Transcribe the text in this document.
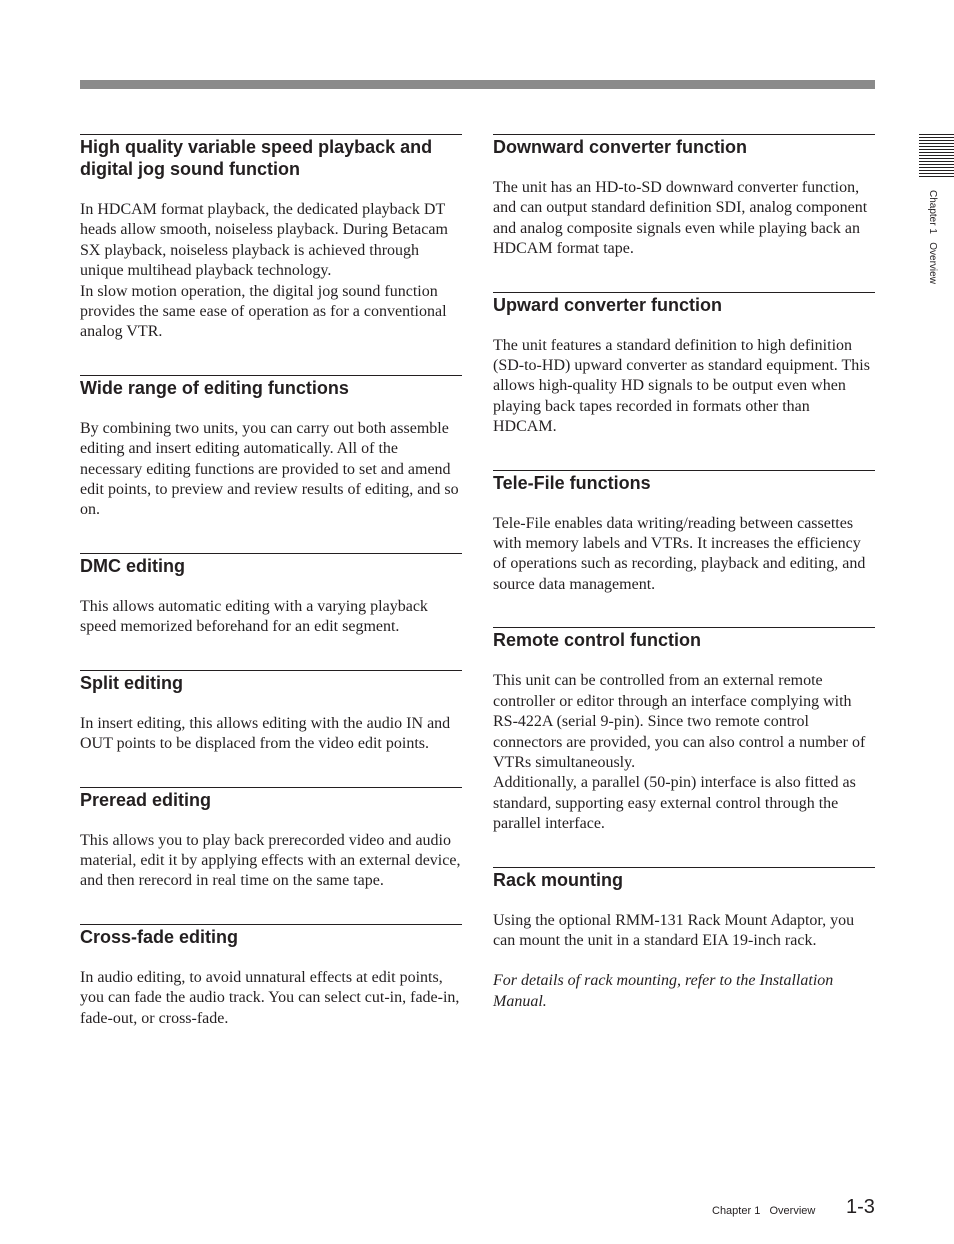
Chapter 1   Overview
High quality variable speed playback and digital jog sound function

In HDCAM format playback, the dedicated playback DT heads allow smooth, noiseless playback. During Betacam SX playback, noiseless playback is achieved through unique multihead playback technology.

In slow motion operation, the digital jog sound function provides the same ease of operation as for a conventional analog VTR.

Wide range of editing functions

By combining two units, you can carry out both assemble editing and insert editing automatically. All of the necessary editing functions are provided to set and amend edit points, to preview and review results of editing, and so on.

DMC editing

This allows automatic editing with a varying playback speed memorized beforehand for an edit segment.

Split editing

In insert editing, this allows editing with the audio IN and OUT points to be displaced from the video edit points.

Preread editing

This allows you to play back prerecorded video and audio material, edit it by applying effects with an external device, and then rerecord in real time on the same tape.

Cross-fade editing

In audio editing, to avoid unnatural effects at edit points, you can fade the audio track. You can select cut-in, fade-in, fade-out, or cross-fade.

Downward converter function

The unit has an HD-to-SD downward converter function, and can output standard definition SDI, analog component and analog composite signals even while playing back an HDCAM format tape.

Upward converter function

The unit features a standard definition to high definition (SD-to-HD) upward converter as standard equipment. This allows high-quality HD signals to be output even when playing back tapes recorded in formats other than HDCAM.

Tele-File functions

Tele-File enables data writing/reading between cassettes with memory labels and VTRs. It increases the efficiency of operations such as recording, playback and editing, and source data management.

Remote control function

This unit can be controlled from an external remote controller or editor through an interface complying with RS-422A (serial 9-pin). Since two remote control connectors are provided, you can also control a number of VTRs simultaneously.

Additionally, a parallel (50-pin) interface is also fitted as standard, supporting easy external control through the parallel interface.

Rack mounting

Using the optional RMM-131 Rack Mount Adaptor, you can mount the unit in a standard EIA 19-inch rack.

For details of rack mounting, refer to the Installation Manual.

Chapter 1   Overview 1-3
